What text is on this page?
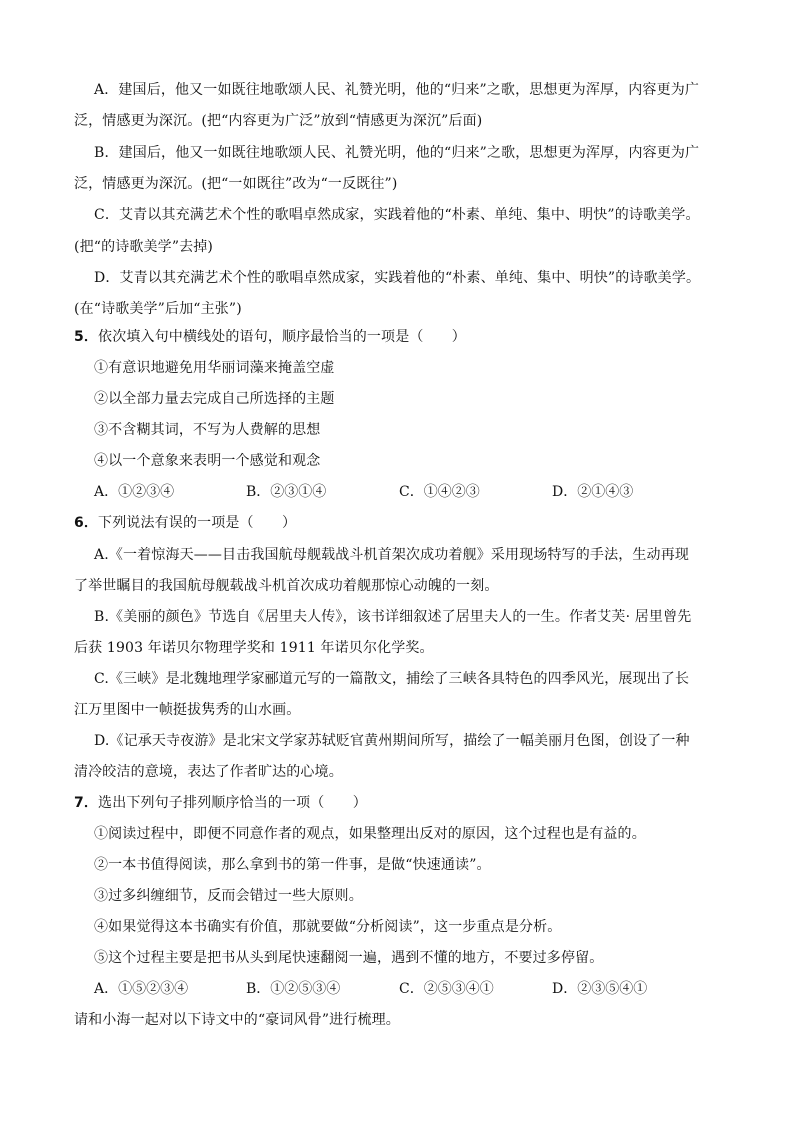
A．建国后，他又一如既往地歌颂人民、礼赞光明，他的“归来”之歌，思想更为浑厚，内容更为广
泛，情感更为深沉。(把“内容更为广泛”放到“情感更为深沉”后面)
B．建国后，他又一如既往地歌颂人民、礼赞光明，他的“归来”之歌，思想更为浑厚，内容更为广
泛，情感更为深沉。(把“一如既往”改为“一反既往”)
C．艾青以其充满艺术个性的歌唱卓然成家，实践着他的“朴素、单纯、集中、明快”的诗歌美学。
(把“的诗歌美学”去掉)
D．艾青以其充满艺术个性的歌唱卓然成家，实践着他的“朴素、单纯、集中、明快”的诗歌美学。
(在“诗歌美学”后加“主张”)
5．依次填入句中横线处的语句，顺序最恰当的一项是（　　）
①有意识地避免用华丽词藻来掩盖空虚
②以全部力量去完成自己所选择的主题
③不含糊其词，不写为人费解的思想
④以一个意象来表明一个感觉和观念
A．①②③④	B．②③①④	C．①④②③	D．②①④③
6．下列说法有误的一项是（　　）
A.《一着惊海天——目击我国航母舰载战斗机首架次成功着舰》采用现场特写的手法，生动再现
了举世瞩目的我国航母舰载战斗机首次成功着舰那惊心动魄的一刻。
B.《美丽的颜色》节选自《居里夫人传》，该书详细叙述了居里夫人的一生。作者艾芙· 居里曾先
后获 1903 年诺贝尔物理学奖和 1911 年诺贝尔化学奖。
C.《三峡》是北魏地理学家郦道元写的一篇散文，捕绘了三峡各具特色的四季风光，展现出了长
江万里图中一帧挺拔隽秀的山水画。
D.《记承天寺夜游》是北宋文学家苏轼贬官黄州期间所写，描绘了一幅美丽月色图，创设了一种
清冷皎洁的意境，表达了作者旷达的心境。
7．选出下列句子排列顺序恰当的一项（　　）
①阅读过程中，即便不同意作者的观点，如果整理出反对的原因，这个过程也是有益的。
②一本书值得阅读，那么拿到书的第一件事，是做“快速通读”。
③过多纠缠细节，反而会错过一些大原则。
④如果觉得这本书确实有价值，那就要做“分析阅读”，这一步重点是分析。
⑤这个过程主要是把书从头到尾快速翻阅一遍，遇到不懂的地方，不要过多停留。
A．①⑤②③④	B．①②⑤③④	C．②⑤③④①	D．②③⑤④①
请和小海一起对以下诗文中的“豪词风骨”进行梳理。
